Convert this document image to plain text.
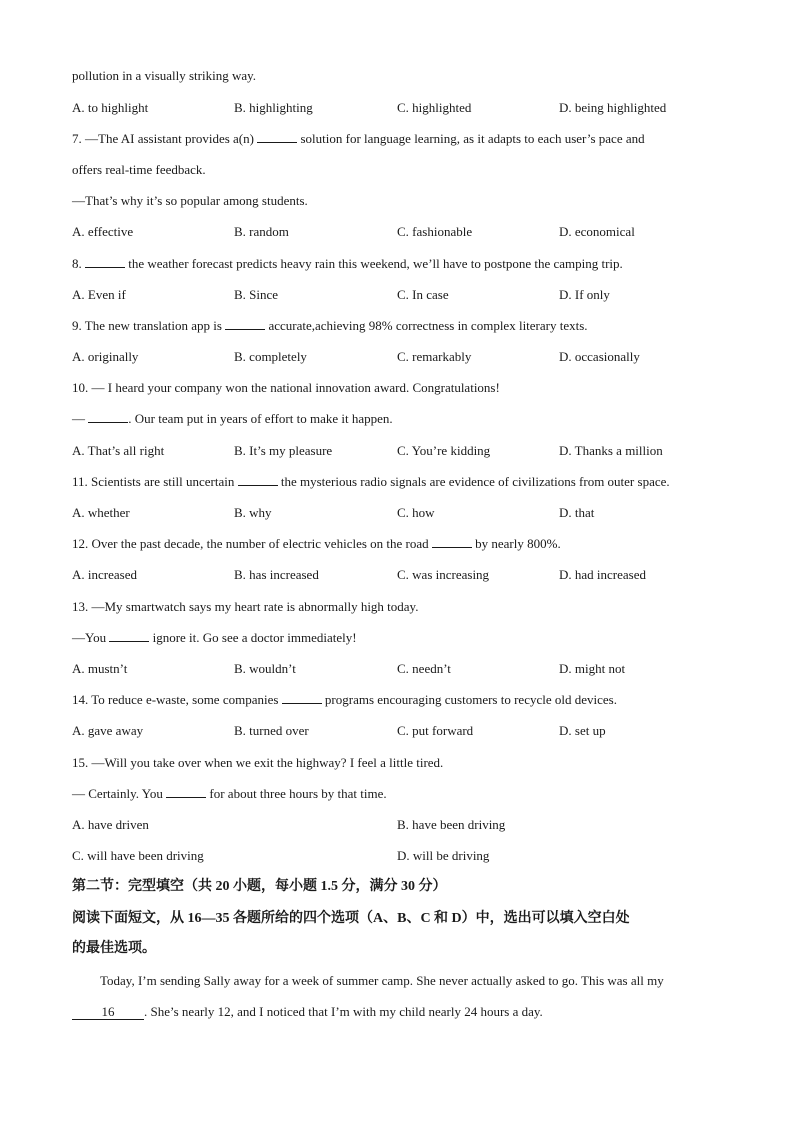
pollution in a visually striking way.
A. to highlight	B. highlighting	C. highlighted	D. being highlighted
7. —The AI assistant provides a(n)	solution for language learning, as it adapts to each user’s pace and
offers real-time feedback.
—That’s why it’s so popular among students.
A. effective	B. random	C. fashionable	D. economical
8.	the weather forecast predicts heavy rain this weekend, we’ll have to postpone the camping trip.
A. Even if	B. Since	C. In case	D. If only
9. The new translation app is	accurate,achieving 98% correctness in complex literary texts.
A. originally	B. completely	C. remarkably	D. occasionally
10. — I heard your company won the national innovation award. Congratulations!
—	. Our team put in years of effort to make it happen.
A. That’s all right	B. It’s my pleasure	C. You’re kidding	D. Thanks a million
11. Scientists are still uncertain	the mysterious radio signals are evidence of civilizations from outer space.
A. whether	B. why	C. how	D. that
12. Over the past decade, the number of electric vehicles on the road	by nearly 800%.
A. increased	B. has increased	C. was increasing	D. had increased
13. —My smartwatch says my heart rate is abnormally high today.
—You	ignore it. Go see a doctor immediately!
A. mustn’t	B. wouldn’t	C. needn’t	D. might not
14. To reduce e-waste, some companies	programs encouraging customers to recycle old devices.
A. gave away	B. turned over	C. put forward	D. set up
15. —Will you take over when we exit the highway? I feel a little tired.
— Certainly. You	for about three hours by that time.
A. have driven	B. have been driving
C. will have been driving	D. will be driving
第二节：完型填空（共 20 小题，每小题 1.5 分，满分 30 分）
阅读下面短文，从 16—35 各题所给的四个选项（A、B、C 和 D）中，选出可以填入空白处
的最佳选项。
Today, I’m sending Sally away for a week of summer camp. She never actually asked to go. This was all my
16 . She’s nearly 12, and I noticed that I’m with my child nearly 24 hours a day.
